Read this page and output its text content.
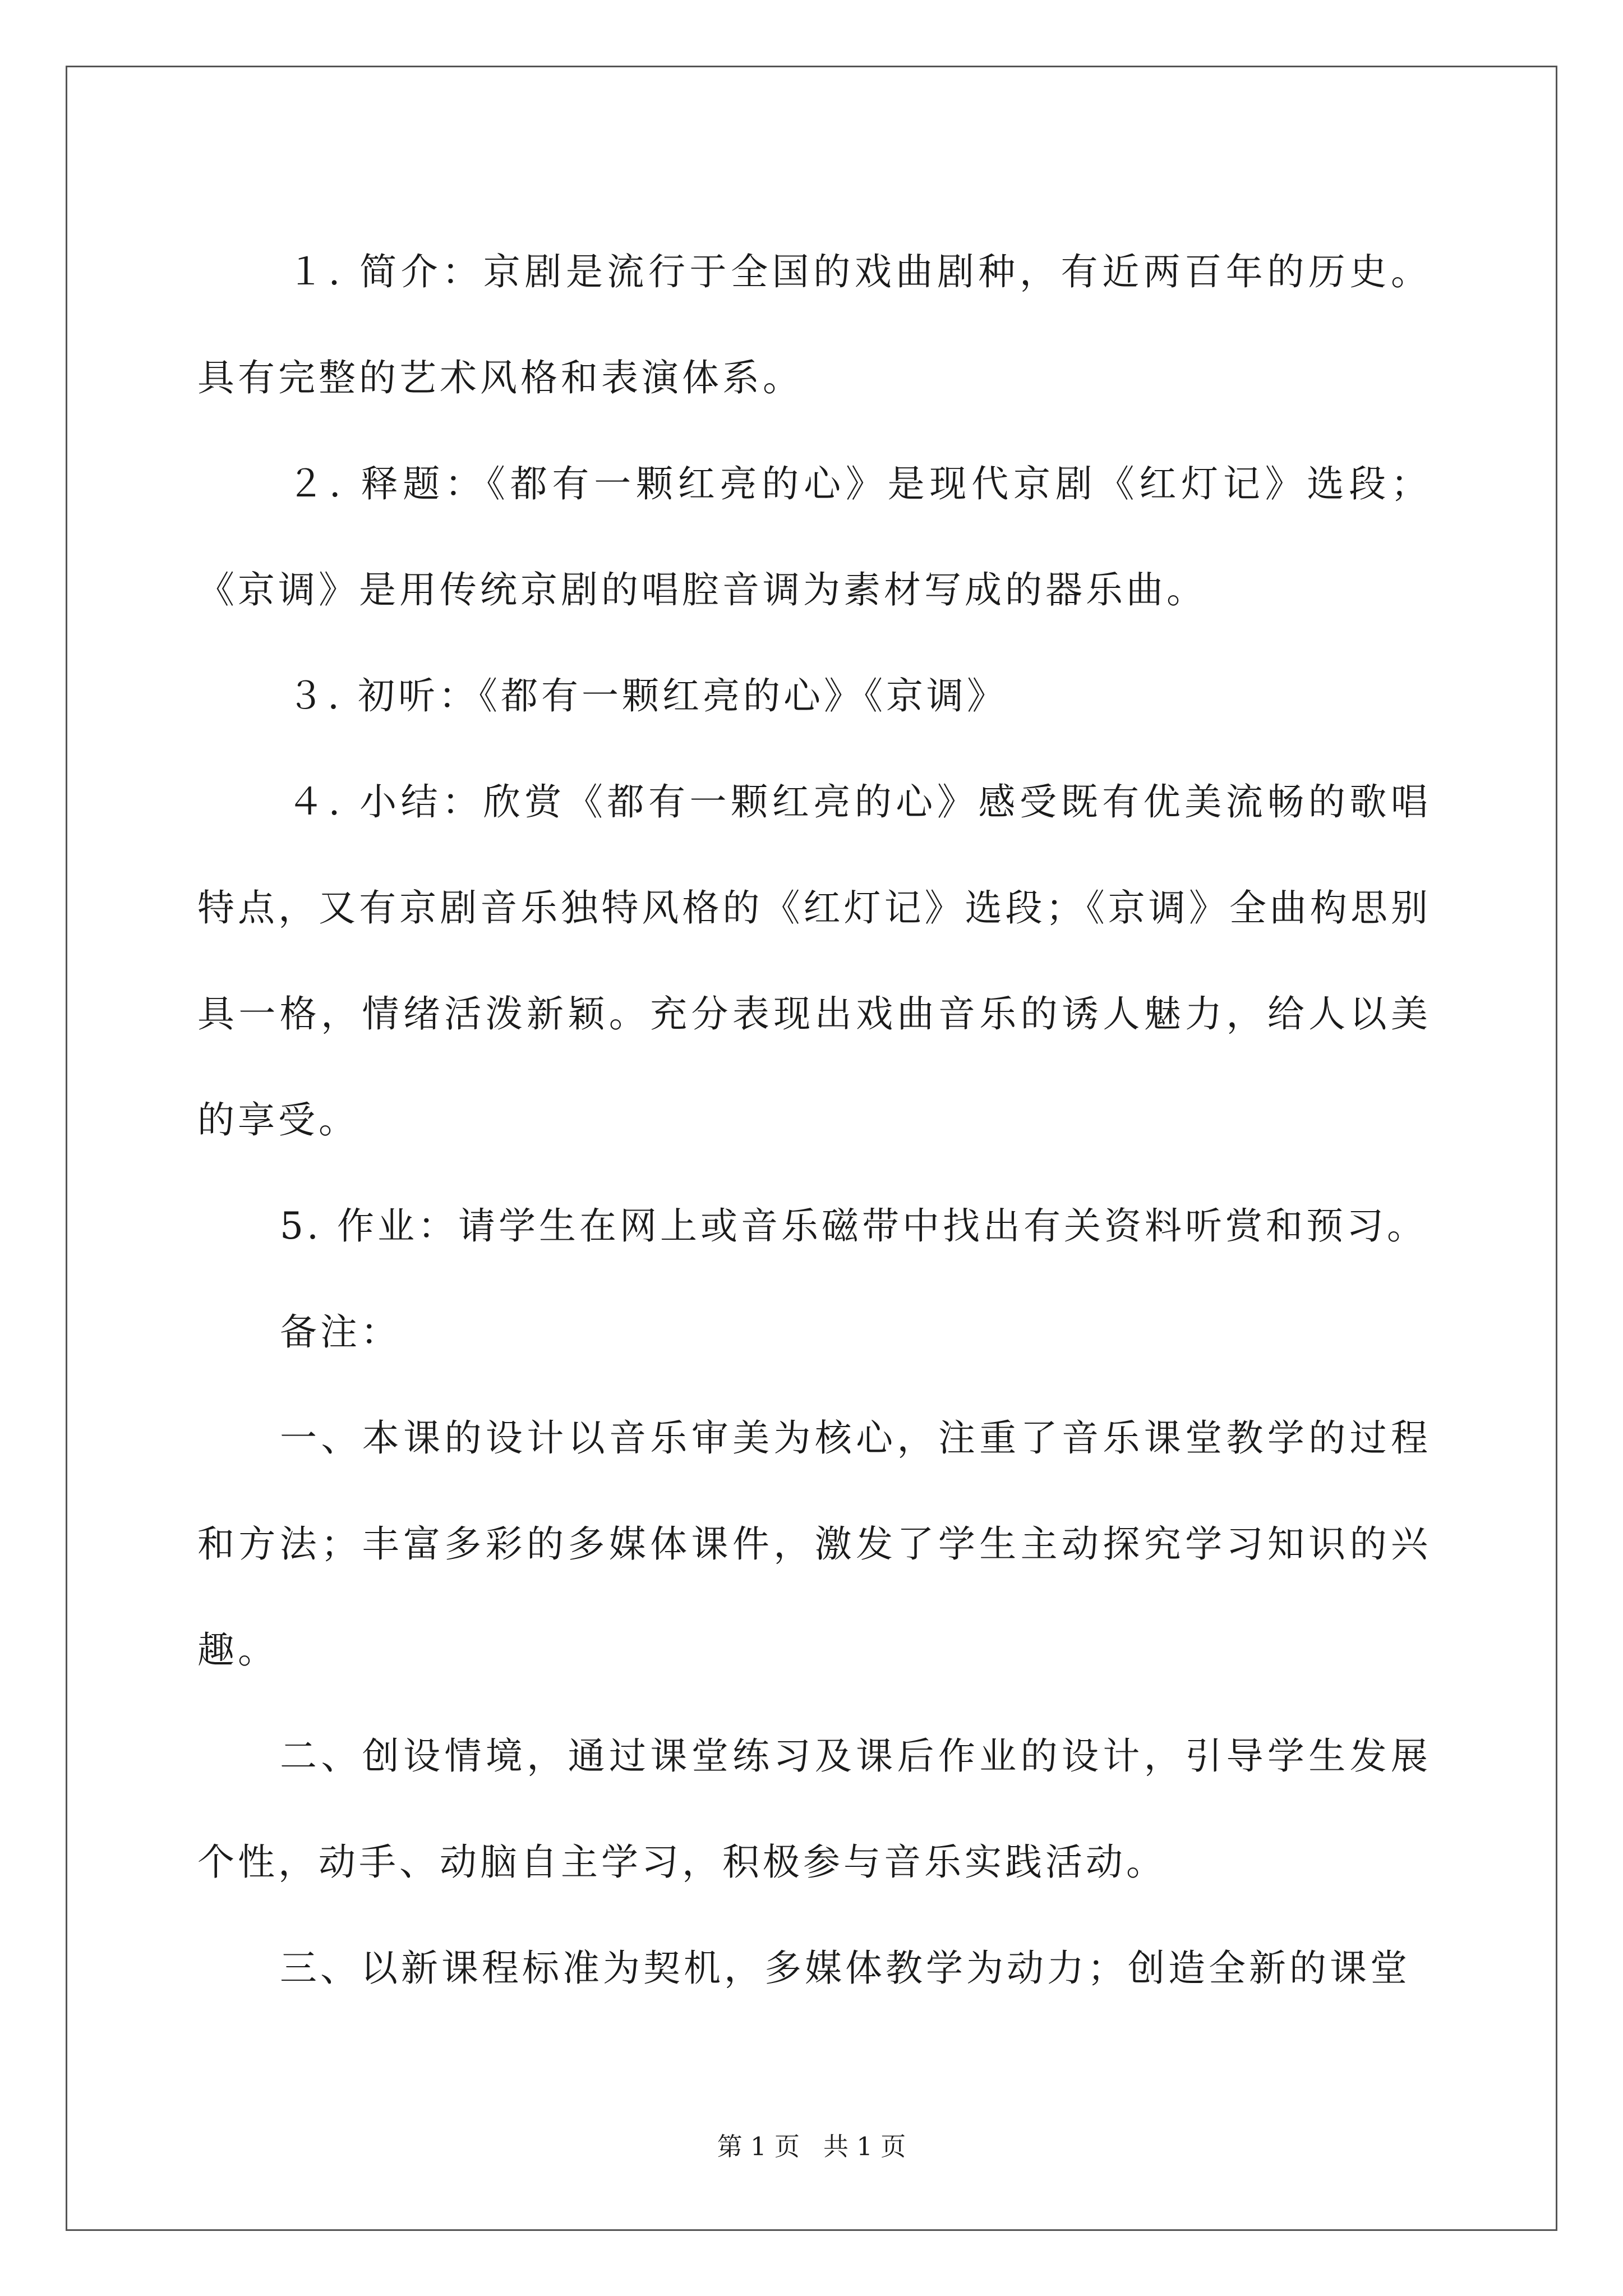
１. 简介：京剧是流行于全国的戏曲剧种，有近两百年的历史。具有完整的艺术风格和表演体系。

２. 释题：《都有一颗红亮的心》是现代京剧《红灯记》选段；《京调》是用传统京剧的唱腔音调为素材写成的器乐曲。

３. 初听：《都有一颗红亮的心》《京调》

４. 小结：欣赏《都有一颗红亮的心》感受既有优美流畅的歌唱特点，又有京剧音乐独特风格的《红灯记》选段；《京调》全曲构思别具一格，情绪活泼新颖。充分表现出戏曲音乐的诱人魅力，给人以美的享受。

5. 作业：请学生在网上或音乐磁带中找出有关资料听赏和预习。

备注：

一、本课的设计以音乐审美为核心，注重了音乐课堂教学的过程和方法；丰富多彩的多媒体课件，激发了学生主动探究学习知识的兴趣。

二、创设情境，通过课堂练习及课后作业的设计，引导学生发展个性，动手、动脑自主学习，积极参与音乐实践活动。

三、以新课程标准为契机，多媒体教学为动力；创造全新的课堂

第 1 页 共 1 页
